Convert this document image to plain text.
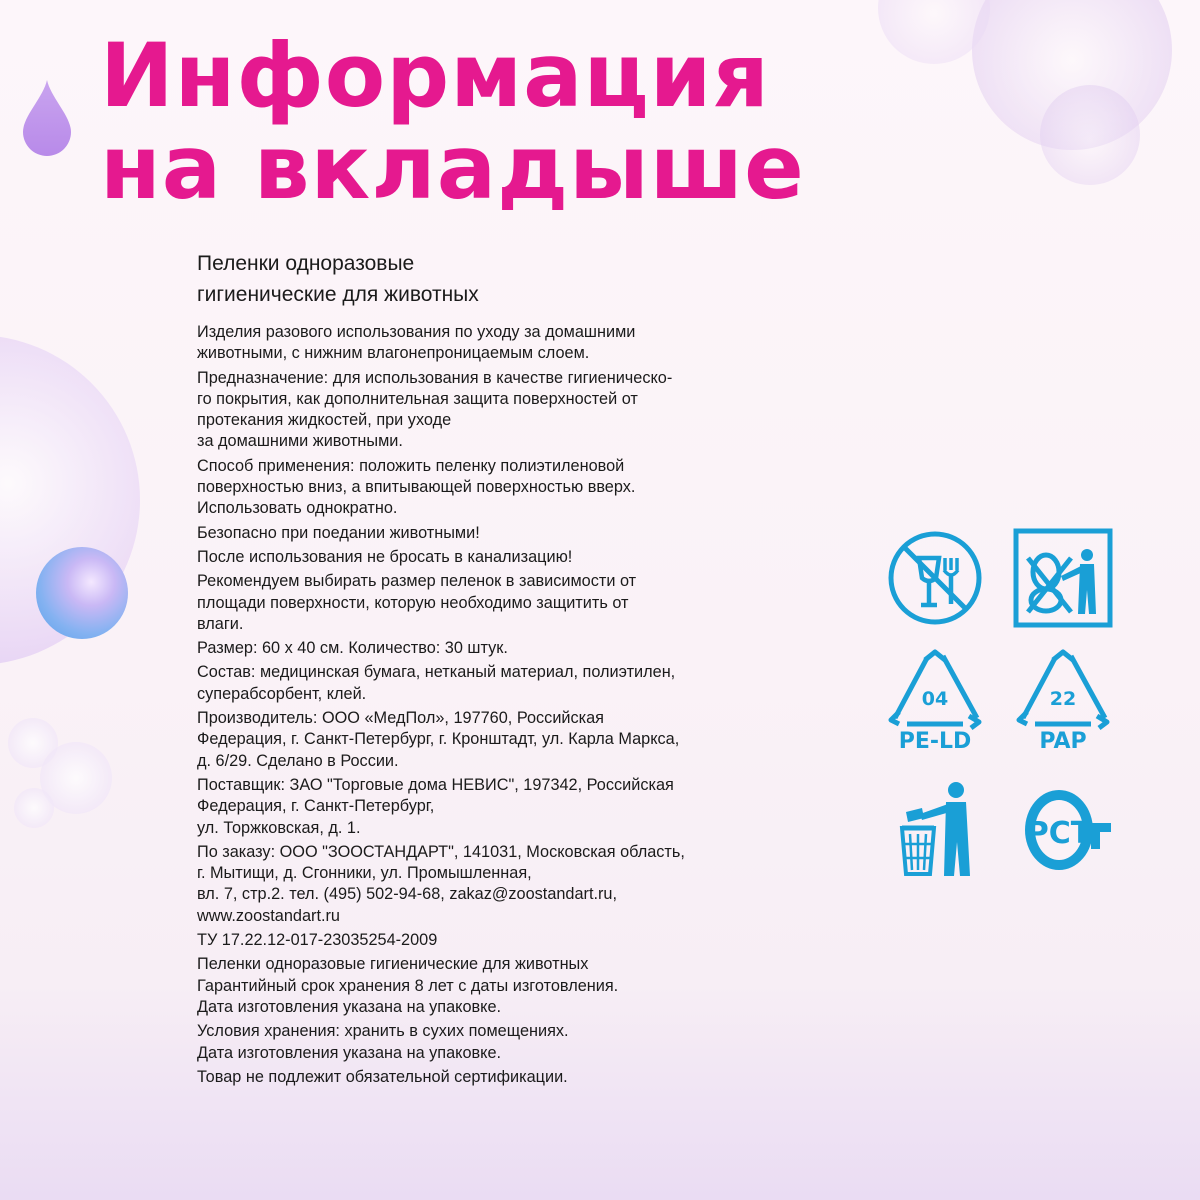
Информация
на вкладыше
Пеленки одноразовые
гигиенические для животных

Изделия разового использования по уходу за домашними
животными, с нижним влагонепроницаемым слоем.

Предназначение: для использования в качестве гигиеническо-
го покрытия, как дополнительная защита поверхностей от
протекания жидкостей, при уходе
за домашними животными.

Способ применения: положить пеленку полиэтиленовой
поверхностью вниз, а впитывающей поверхностью вверх.
Использовать однократно.

Безопасно при поедании животными!

После использования не бросать в канализацию!

Рекомендуем выбирать размер пеленок в зависимости от
площади поверхности, которую необходимо защитить от
влаги.

Размер: 60 x 40 см. Количество: 30 штук.

Состав: медицинская бумага, нетканый материал, полиэтилен,
суперабсорбент, клей.

Производитель: ООО «МедПол», 197760, Российская
Федерация, г. Санкт-Петербург, г. Кронштадт, ул. Карла Маркса,
д. 6/29. Сделано в России.

Поставщик: ЗАО "Торговые дома НЕВИС", 197342, Российская
Федерация, г. Санкт-Петербург,
ул. Торжковская, д. 1.

По заказу: ООО "ЗООСТАНДАРТ", 141031, Московская область,
г. Мытищи, д. Сгонники, ул. Промышленная,
вл. 7, стр.2. тел. (495) 502-94-68, zakaz@zoostandart.ru,
www.zoostandart.ru

ТУ 17.22.12-017-23035254-2009

Пеленки одноразовые гигиенические для животных
Гарантийный срок хранения 8 лет с даты изготовления.
Дата изготовления указана на упаковке.

Условия хранения: хранить в сухих помещениях.
Дата изготовления указана на упаковке.

Товар не подлежит обязательной сертификации.

04
PE-LD
22
PAP
РСТ
